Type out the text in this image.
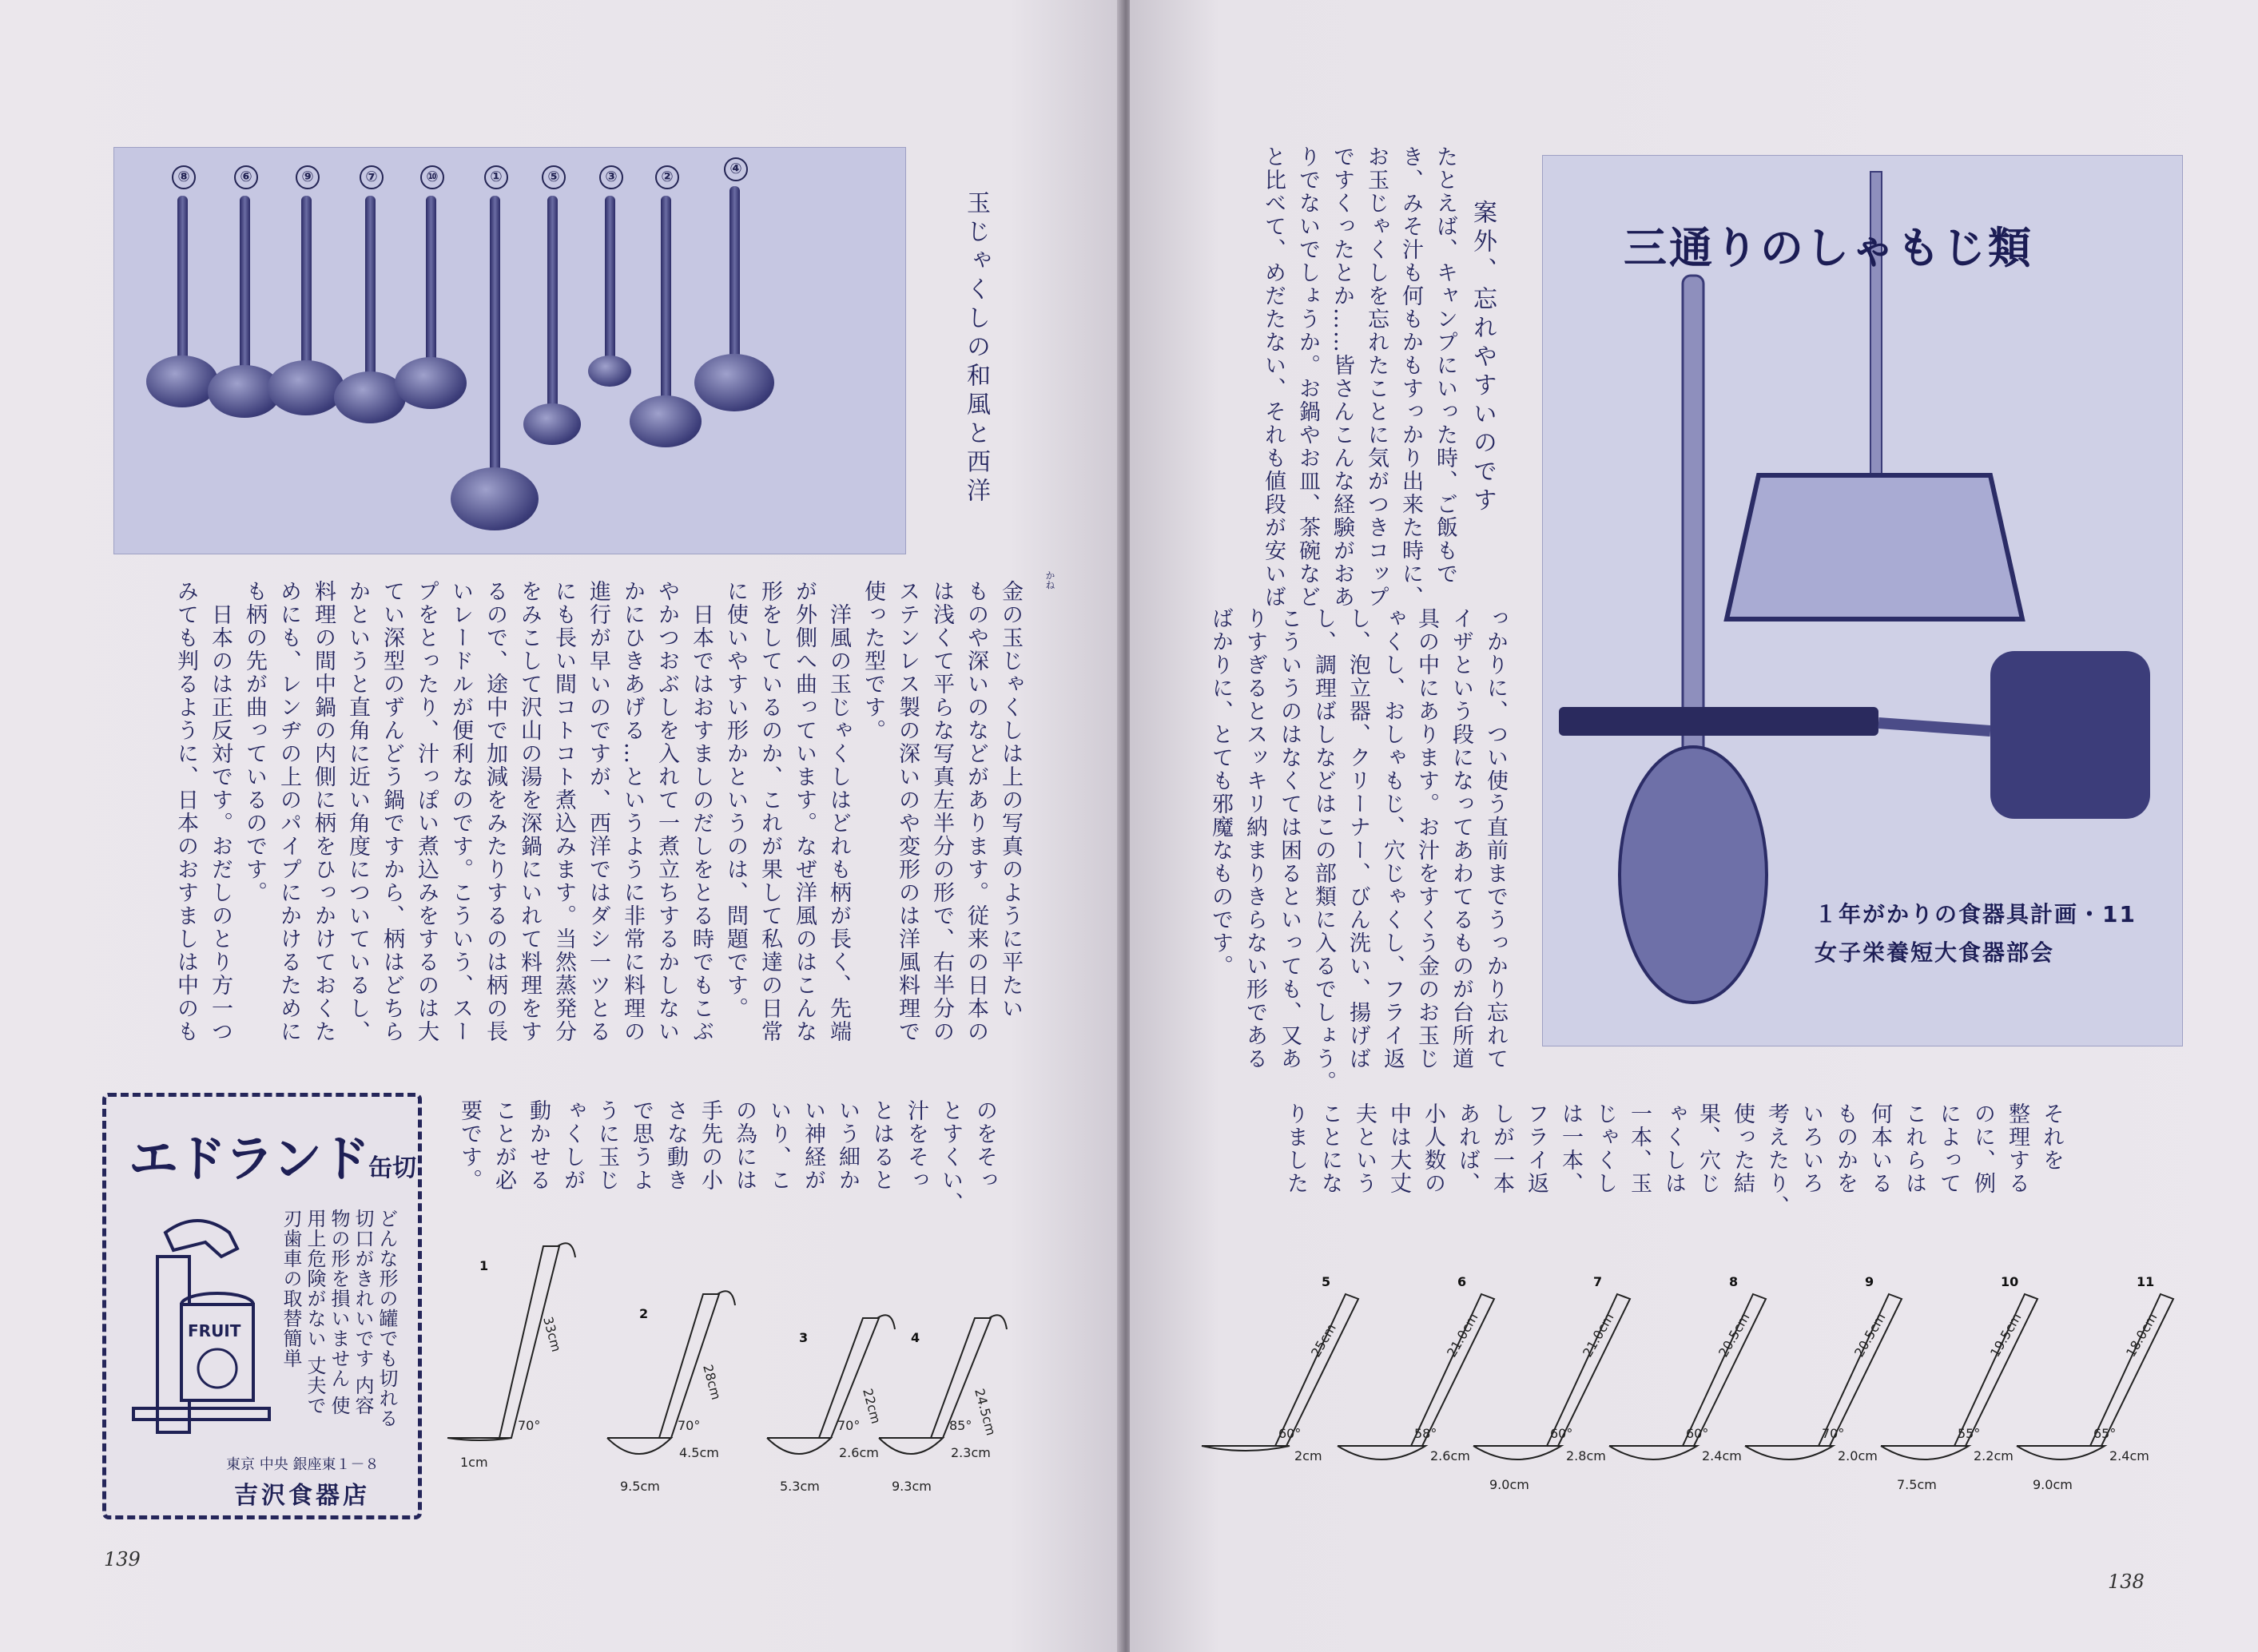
⑧	⑥	⑨	⑦	⑩	①	⑤	③	②	④
玉じゃくしの和風と西洋
金の玉じゃくしは上の写真のように平たい
ものや深いのなどがあります。従来の日本の
は浅くて平らな写真左半分の形で、右半分の
ステンレス製の深いのや変形のは洋風料理で
使った型です。
　洋風の玉じゃくしはどれも柄が長く、先端
が外側へ曲っています。なぜ洋風のはこんな
形をしているのか、これが果して私達の日常
に使いやすい形かというのは、問題です。
　日本ではおすましのだしをとる時でもこぶ
やかつおぶしを入れて一煮立ちするかしない
かにひきあげる…というように非常に料理の
進行が早いのですが、西洋ではダシ一ツとる
にも長い間コトコト煮込みます。当然蒸発分
をみこして沢山の湯を深鍋にいれて料理をす
るので、途中で加減をみたりするのは柄の長
いレードルが便利なのです。こういう、スー
プをとったり、汁っぽい煮込みをするのは大
てい深型のずんどう鍋ですから、柄はどちら
かというと直角に近い角度についているし、
料理の間中鍋の内側に柄をひっかけておくた
めにも、レンヂの上のパイプにかけるために
も柄の先が曲っているのです。
　日本のは正反対です。おだしのとり方一つ
みても判るように、日本のおすましは中のも	かね
のをそっ
とすくい、
汁をそっ
とはると
いう細か
い神経が
いり、こ
の為には
手先の小
さな動き
で思うよ
うに玉じ
ゃくしが
動かせる
ことが必
要です。
エドランド缶切
FRUIT	どんな形の罐でも切れる 切口がきれいです 内容物の形を損いません 使用上危険がない 丈夫で刃歯車の取替簡単
東京 中央 銀座東１－８
吉沢食器店
1
33cm
70°
1cm
2
28cm
70°
4.5cm
9.5cm
3
22cm
70°
2.6cm
5.3cm
4
24.5cm
85°
2.3cm
9.3cm
139
たとえば、キャンプにいった時、ご飯もで
き、みそ汁も何もかもすっかり出来た時に、
お玉じゃくしを忘れたことに気がつきコップ
ですくったとか……皆さんこんな経験がおあ
りでないでしょうか。お鍋やお皿、茶碗など
と比べて、めだたない、それも値段が安いば	案外、忘れやすいのです
１年がかりの食器具計画・11
女子栄養短大食器部会
三通りのしゃもじ類
っかりに、つい使う直前までうっかり忘れて
イザという段になってあわてるものが台所道
具の中にあります。お汁をすくう金のお玉じ
ゃくし、おしゃもじ、穴じゃくし、フライ返
し、泡立器、クリーナー、びん洗い、揚げば
し、調理ばしなどはこの部類に入るでしょう。
こういうのはなくては困るといっても、又あ
りすぎるとスッキリ納まりきらない形である
ばかりに、とても邪魔なものです。
それを
整理する
のに、例
によって
これらは
何本いる
ものかを
いろいろ
考えたり、
使った結
果、穴じ
ゃくしは
一本、玉
じゃくし
は一本、
フライ返
しが一本
あれば、
小人数の
中は大丈
夫という
ことにな
りました
5
25cm
60°
2cm
6
21.0cm
58°
2.6cm
7
21.0cm
60°
2.8cm
9.0cm
8
20.5cm
60°
2.4cm
9
20.5cm
70°
2.0cm
10
19.5cm
55°
2.2cm
7.5cm
11
18.0cm
65°
2.4cm
9.0cm
138
